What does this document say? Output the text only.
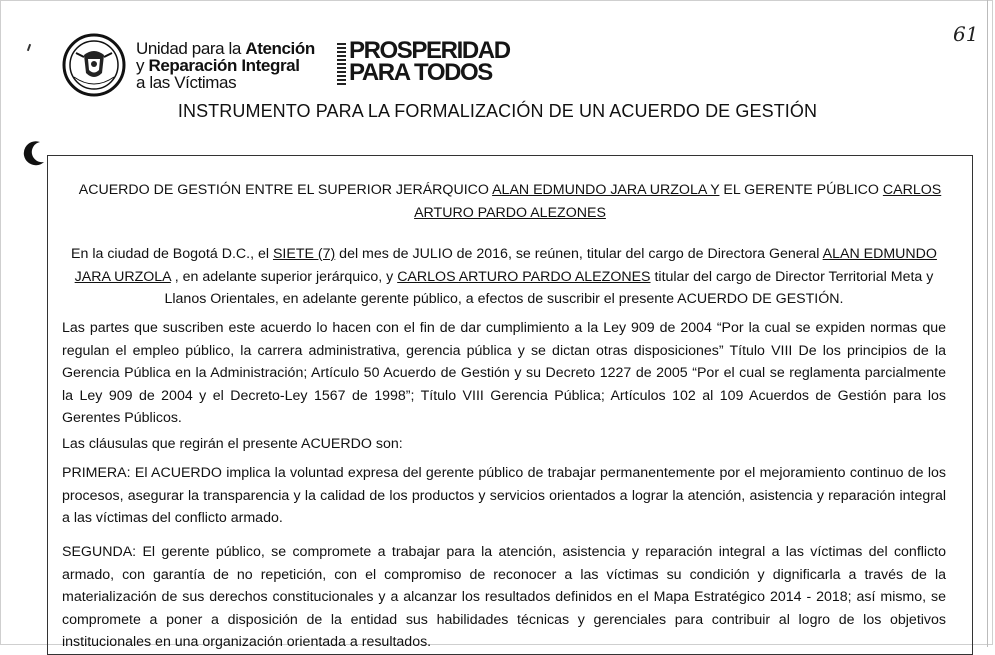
Unidad para la Atención
y Reparación Integral
a las Víctimas
PROSPERIDAD
PARA TODOS
61
INSTRUMENTO PARA LA FORMALIZACIÓN DE UN ACUERDO DE GESTIÓN
ACUERDO DE GESTIÓN ENTRE EL SUPERIOR JERÁRQUICO ALAN EDMUNDO JARA URZOLA Y EL GERENTE PÚBLICO CARLOS ARTURO PARDO ALEZONES
En la ciudad de Bogotá D.C., el SIETE (7) del mes de JULIO de 2016, se reúnen, titular del cargo de Directora General ALAN EDMUNDO JARA URZOLA , en adelante superior jerárquico, y CARLOS ARTURO PARDO ALEZONES titular del cargo de Director Territorial Meta y Llanos Orientales, en adelante gerente público, a efectos de suscribir el presente ACUERDO DE GESTIÓN.
Las partes que suscriben este acuerdo lo hacen con el fin de dar cumplimiento a la Ley 909 de 2004 “Por la cual se expiden normas que regulan el empleo público, la carrera administrativa, gerencia pública y se dictan otras disposiciones” Título VIII De los principios de la Gerencia Pública en la Administración; Artículo 50 Acuerdo de Gestión y su Decreto 1227 de 2005 “Por el cual se reglamenta parcialmente la Ley 909 de 2004 y el Decreto-Ley 1567 de 1998”; Título VIII Gerencia Pública; Artículos 102 al 109 Acuerdos de Gestión para los Gerentes Públicos.
Las cláusulas que regirán el presente ACUERDO son:
PRIMERA: El ACUERDO implica la voluntad expresa del gerente público de trabajar permanentemente por el mejoramiento continuo de los procesos, asegurar la transparencia y la calidad de los productos y servicios orientados a lograr la atención, asistencia y reparación integral a las víctimas del conflicto armado.
SEGUNDA: El gerente público, se compromete a trabajar para la atención, asistencia y reparación integral a las víctimas del conflicto armado, con garantía de no repetición, con el compromiso de reconocer a las víctimas su condición y dignificarla a través de la materialización de sus derechos constitucionales y a alcanzar los resultados definidos en el Mapa Estratégico 2014 - 2018; así mismo, se compromete a poner a disposición de la entidad sus habilidades técnicas y gerenciales para contribuir al logro de los objetivos institucionales en una organización orientada a resultados.
